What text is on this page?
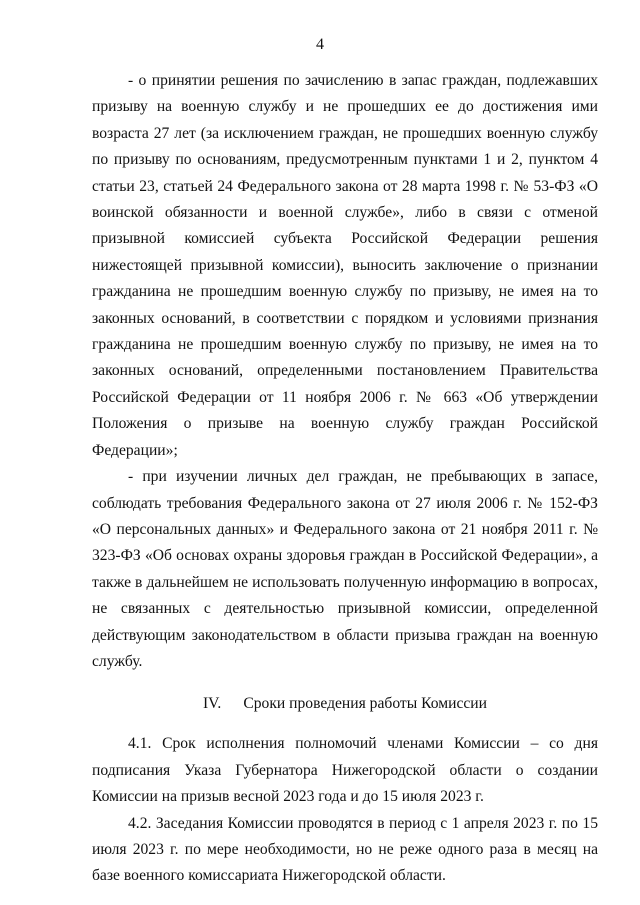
4

- о принятии решения по зачислению в запас граждан, подлежавших призыву на военную службу и не прошедших ее до достижения ими возраста 27 лет (за исключением граждан, не прошедших военную службу по призыву по основаниям, предусмотренным пунктами 1 и 2, пунктом 4 статьи 23, статьей 24 Федерального закона от 28 марта 1998 г. № 53-ФЗ «О воинской обязанности и военной службе», либо в связи с отменой призывной комиссией субъекта Российской Федерации решения нижестоящей призывной комиссии), выносить заключение о признании гражданина не прошедшим военную службу по призыву, не имея на то законных оснований, в соответствии с порядком и условиями признания гражданина не прошедшим военную службу по призыву, не имея на то законных оснований, определенными постановлением Правительства Российской Федерации от 11 ноября 2006 г. № 663 «Об утверждении Положения о призыве на военную службу граждан Российской Федерации»;

- при изучении личных дел граждан, не пребывающих в запасе, соблюдать требования Федерального закона от 27 июля 2006 г. № 152-ФЗ «О персональных данных» и Федерального закона от 21 ноября 2011 г. № 323-ФЗ «Об основах охраны здоровья граждан в Российской Федерации», а также в дальнейшем не использовать полученную информацию в вопросах, не связанных с деятельностью призывной комиссии, определенной действующим законодательством в области призыва граждан на военную службу.

IV. Сроки проведения работы Комиссии

4.1. Срок исполнения полномочий членами Комиссии – со дня подписания Указа Губернатора Нижегородской области о создании Комиссии на призыв весной 2023 года и до 15 июля 2023 г.

4.2. Заседания Комиссии проводятся в период с 1 апреля 2023 г. по 15 июля 2023 г. по мере необходимости, но не реже одного раза в месяц на базе военного комиссариата Нижегородской области.
